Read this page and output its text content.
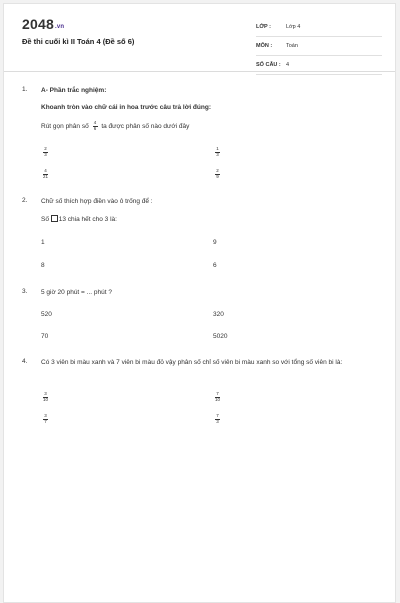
2048.vn
Đề thi cuối kì II Toán 4 (Đề số 6)
LỚP :	Lớp 4
MÔN :	Toán
SỐ CÂU : 4
1.	A- Phần trắc nghiệm:
Khoanh tròn vào chữ cái in hoa trước câu trả lời đúng:
Rút gọn phân số $\frac{4}{6}$ ta được phân số nào dưới đây
$\frac{2}{3}$	$\frac{1}{3}$
$\frac{4}{21}$	$\frac{2}{9}$
2.	Chữ số thích hợp điền vào ô trống để :
Số 13 chia hết cho 3 là:
1	9
8	6
3.	5 giờ 20 phút = ... phút ?
520	320
70	5020
4.	Có 3 viên bi màu xanh và 7 viên bi màu đỏ vậy phân số chỉ số viên bi màu xanh so với tổng số viên bi là:
$\frac{3}{10}$	$\frac{7}{10}$
$\frac{3}{7}$	$\frac{7}{3}$
